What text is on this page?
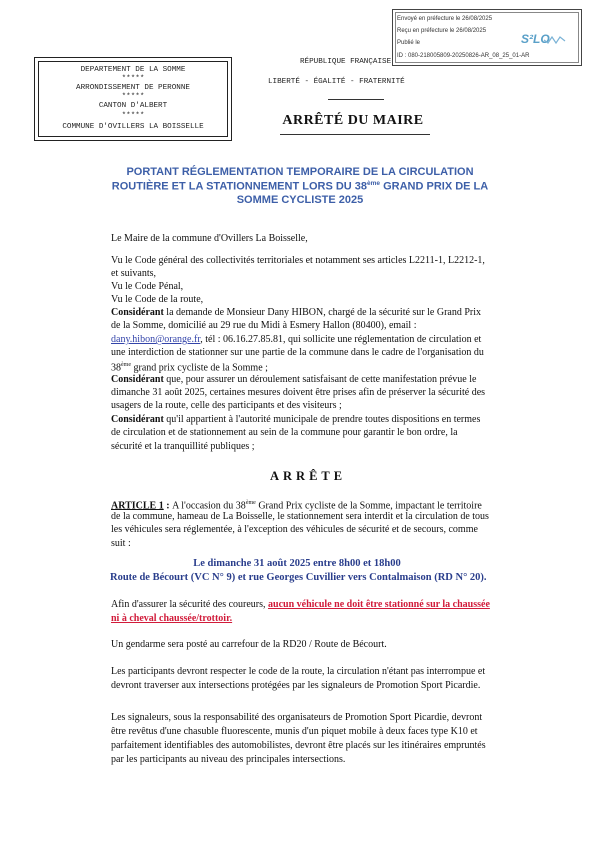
Envoyé en préfecture le 26/08/2025
Reçu en préfecture le 26/08/2025
Publié le
ID : 080-218005809-20250826-AR_08_25_01-AR
S²LO
DEPARTEMENT DE LA SOMME
*****
ARRONDISSEMENT DE PERONNE
*****
CANTON D'ALBERT
*****
COMMUNE D'OVILLERS LA BOISSELLE
RÉPUBLIQUE FRANÇAISE
LIBERTÉ - ÉGALITÉ - FRATERNITÉ
ARRÊTÉ DU MAIRE
PORTANT RÉGLEMENTATION TEMPORAIRE DE LA CIRCULATION
ROUTIÈRE ET LA STATIONNEMENT LORS DU 38ème GRAND PRIX DE LA
SOMME CYCLISTE 2025
Le Maire de la commune d'Ovillers La Boisselle,
Vu le Code général des collectivités territoriales et notamment ses articles L2211-1, L2212-1,
et suivants,
Vu le Code Pénal,
Vu le Code de la route,
Considérant la demande de Monsieur Dany HIBON, chargé de la sécurité sur le Grand Prix
de la Somme, domicilié au 29 rue du Midi à Esmery Hallon (80400), email :
dany.hibon@orange.fr, tél : 06.16.27.85.81, qui sollicite une réglementation de circulation et
une interdiction de stationner sur une partie de la commune dans le cadre de l'organisation du
38ème grand prix cycliste de la Somme ;
Considérant que, pour assurer un déroulement satisfaisant de cette manifestation prévue le
dimanche 31 août 2025, certaines mesures doivent être prises afin de préserver la sécurité des
usagers de la route, celle des participants et des visiteurs ;
Considérant qu'il appartient à l'autorité municipale de prendre toutes dispositions en termes
de circulation et de stationnement au sein de la commune pour garantir le bon ordre, la
sécurité et la tranquillité publiques ;
ARRÊTE
ARTICLE 1 : A l'occasion du 38ème Grand Prix cycliste de la Somme, impactant le territoire
de la commune, hameau de La Boisselle, le stationnement sera interdit et la circulation de tous
les véhicules sera réglementée, à l'exception des véhicules de sécurité et de secours, comme
suit :
Le dimanche 31 août 2025 entre 8h00 et 18h00
Route de Bécourt (VC N° 9) et rue Georges Cuvillier vers Contalmaison (RD N° 20).
Afin d'assurer la sécurité des coureurs, aucun véhicule ne doit être stationné sur la chaussée
ni à cheval chaussée/trottoir.
Un gendarme sera posté au carrefour de la RD20 / Route de Bécourt.
Les participants devront respecter le code de la route, la circulation n'étant pas interrompue et
devront traverser aux intersections protégées par les signaleurs de Promotion Sport Picardie.
Les signaleurs, sous la responsabilité des organisateurs de Promotion Sport Picardie, devront
être revêtus d'une chasuble fluorescente, munis d'un piquet mobile à deux faces type K10 et
parfaitement identifiables des automobilistes, devront être placés sur les itinéraires empruntés
par les participants au niveau des principales intersections.
